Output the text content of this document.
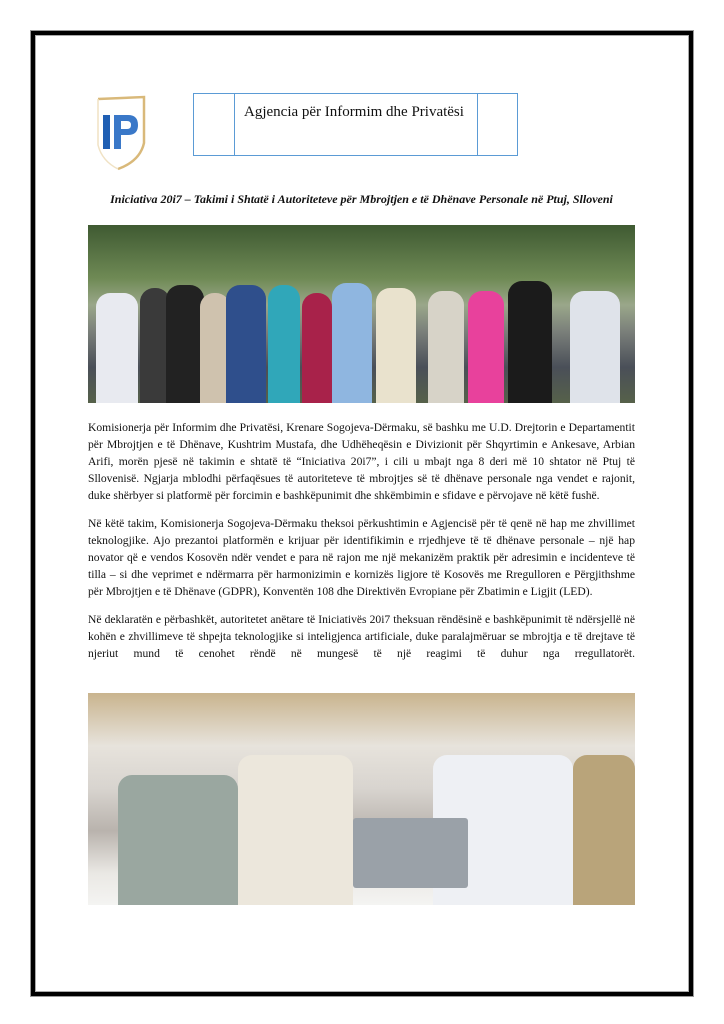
Agjencia për Informim dhe Privatësi
Iniciativa 20i7 – Takimi i Shtatë i Autoriteteve për Mbrojtjen e të Dhënave Personale në Ptuj, Slloveni

Komisionerja për Informim dhe Privatësi, Krenare Sogojeva-Dërmaku, së bashku me U.D. Drejtorin e Departamentit për Mbrojtjen e të Dhënave, Kushtrim Mustafa, dhe Udhëheqësin e Divizionit për Shqyrtimin e Ankesave, Arbian Arifi, morën pjesë në takimin e shtatë të “Iniciativa 20i7”, i cili u mbajt nga 8 deri më 10 shtator në Ptuj të Sllovenisë. Ngjarja mblodhi përfaqësues të autoriteteve të mbrojtjes së të dhënave personale nga vendet e rajonit, duke shërbyer si platformë për forcimin e bashkëpunimit dhe shkëmbimin e sfidave e përvojave në këtë fushë.

Në këtë takim, Komisionerja Sogojeva-Dërmaku theksoi përkushtimin e Agjencisë për të qenë në hap me zhvillimet teknologjike. Ajo prezantoi platformën e krijuar për identifikimin e rrjedhjeve të të dhënave personale – një hap novator që e vendos Kosovën ndër vendet e para në rajon me një mekanizëm praktik për adresimin e incidenteve të tilla – si dhe veprimet e ndërmarra për harmonizimin e kornizës ligjore të Kosovës me Rregulloren e Përgjithshme për Mbrojtjen e të Dhënave (GDPR), Konventën 108 dhe Direktivën Evropiane për Zbatimin e Ligjit (LED).

Në deklaratën e përbashkët, autoritetet anëtare të Iniciativës 20i7 theksuan rëndësinë e bashkëpunimit të ndërsjellë në kohën e zhvillimeve të shpejta teknologjike si inteligjenca artificiale, duke paralajmëruar se mbrojtja e të drejtave të njeriut mund të cenohet rëndë në mungesë të një reagimi të duhur nga rregullatorët.
